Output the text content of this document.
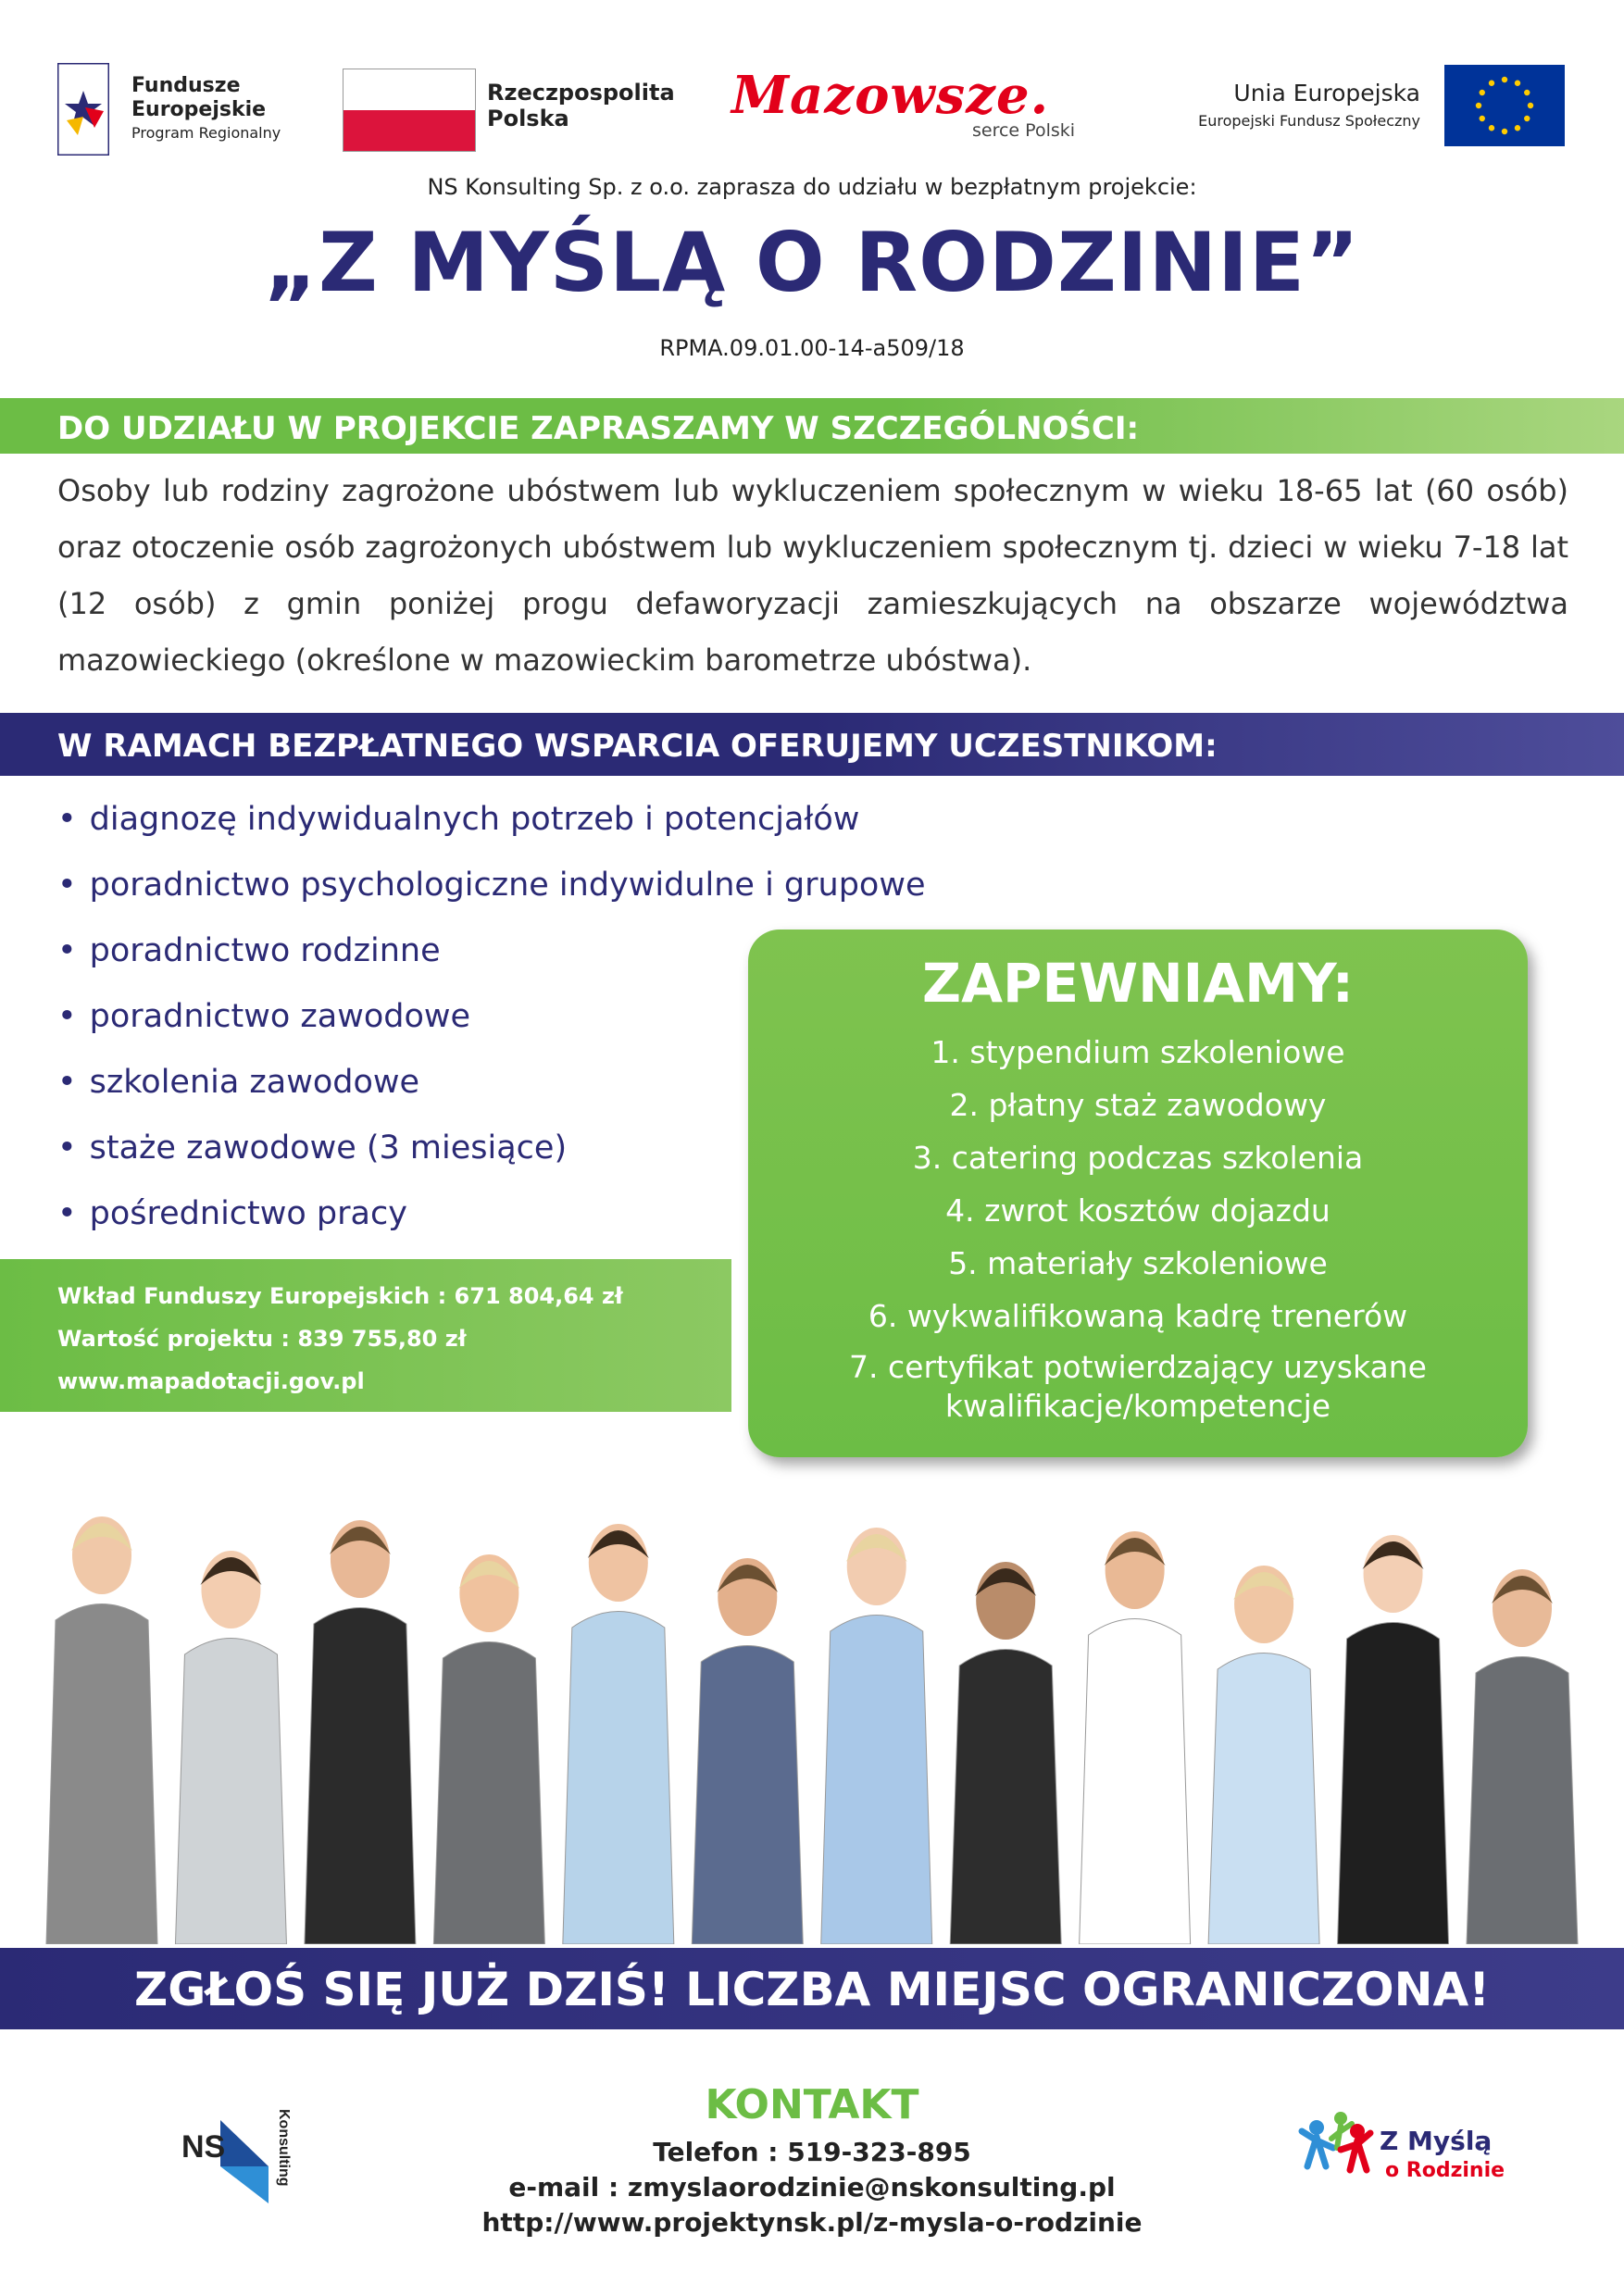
Fundusze
Europejskie
Program Regionalny
Rzeczpospolita
Polska	Mazowsze.
serce Polski
Unia Europejska
Europejski Fundusz Społeczny
NS Konsulting Sp. z o.o. zaprasza do udziału w bezpłatnym projekcie:
„Z MYŚLĄ O RODZINIE”
RPMA.09.01.00-14-a509/18
DO UDZIAŁU W PROJEKCIE ZAPRASZAMY W SZCZEGÓLNOŚCI:
Osoby lub rodziny zagrożone ubóstwem lub wykluczeniem społecznym w wieku 18-65 lat (60 osób) oraz otoczenie osób zagrożonych ubóstwem lub wykluczeniem społecznym tj. dzieci w wieku 7-18 lat (12 osób) z gmin poniżej progu defaworyzacji zamieszkujących na obszarze województwa mazowieckiego (określone w mazowieckim barometrze ubóstwa).
W RAMACH BEZPŁATNEGO WSPARCIA OFERUJEMY UCZESTNIKOM:
• diagnozę indywidualnych potrzeb i potencjałów
• poradnictwo psychologiczne indywidulne i grupowe
• poradnictwo rodzinne
• poradnictwo zawodowe
• szkolenia zawodowe
• staże zawodowe (3 miesiące)
• pośrednictwo pracy
Wkład Funduszy Europejskich : 671 804,64 zł
Wartość projektu : 839 755,80 zł
www.mapadotacji.gov.pl
ZAPEWNIAMY:
1. stypendium szkoleniowe
2. płatny staż zawodowy
3. catering podczas szkolenia
4. zwrot kosztów dojazdu
5. materiały szkoleniowe
6. wykwalifikowaną kadrę trenerów
7. certyfikat potwierdzający uzyskane
kwalifikacje/kompetencje
ZGŁOŚ SIĘ JUŻ DZIŚ! LICZBA MIEJSC OGRANICZONA!
KONTAKT
Telefon : 519-323-895
e-mail : zmyslaorodzinie@nskonsulting.pl
http://www.projektynsk.pl/z-mysla-o-rodzinie
NS	Konsulting	Z Myślą
o Rodzinie
